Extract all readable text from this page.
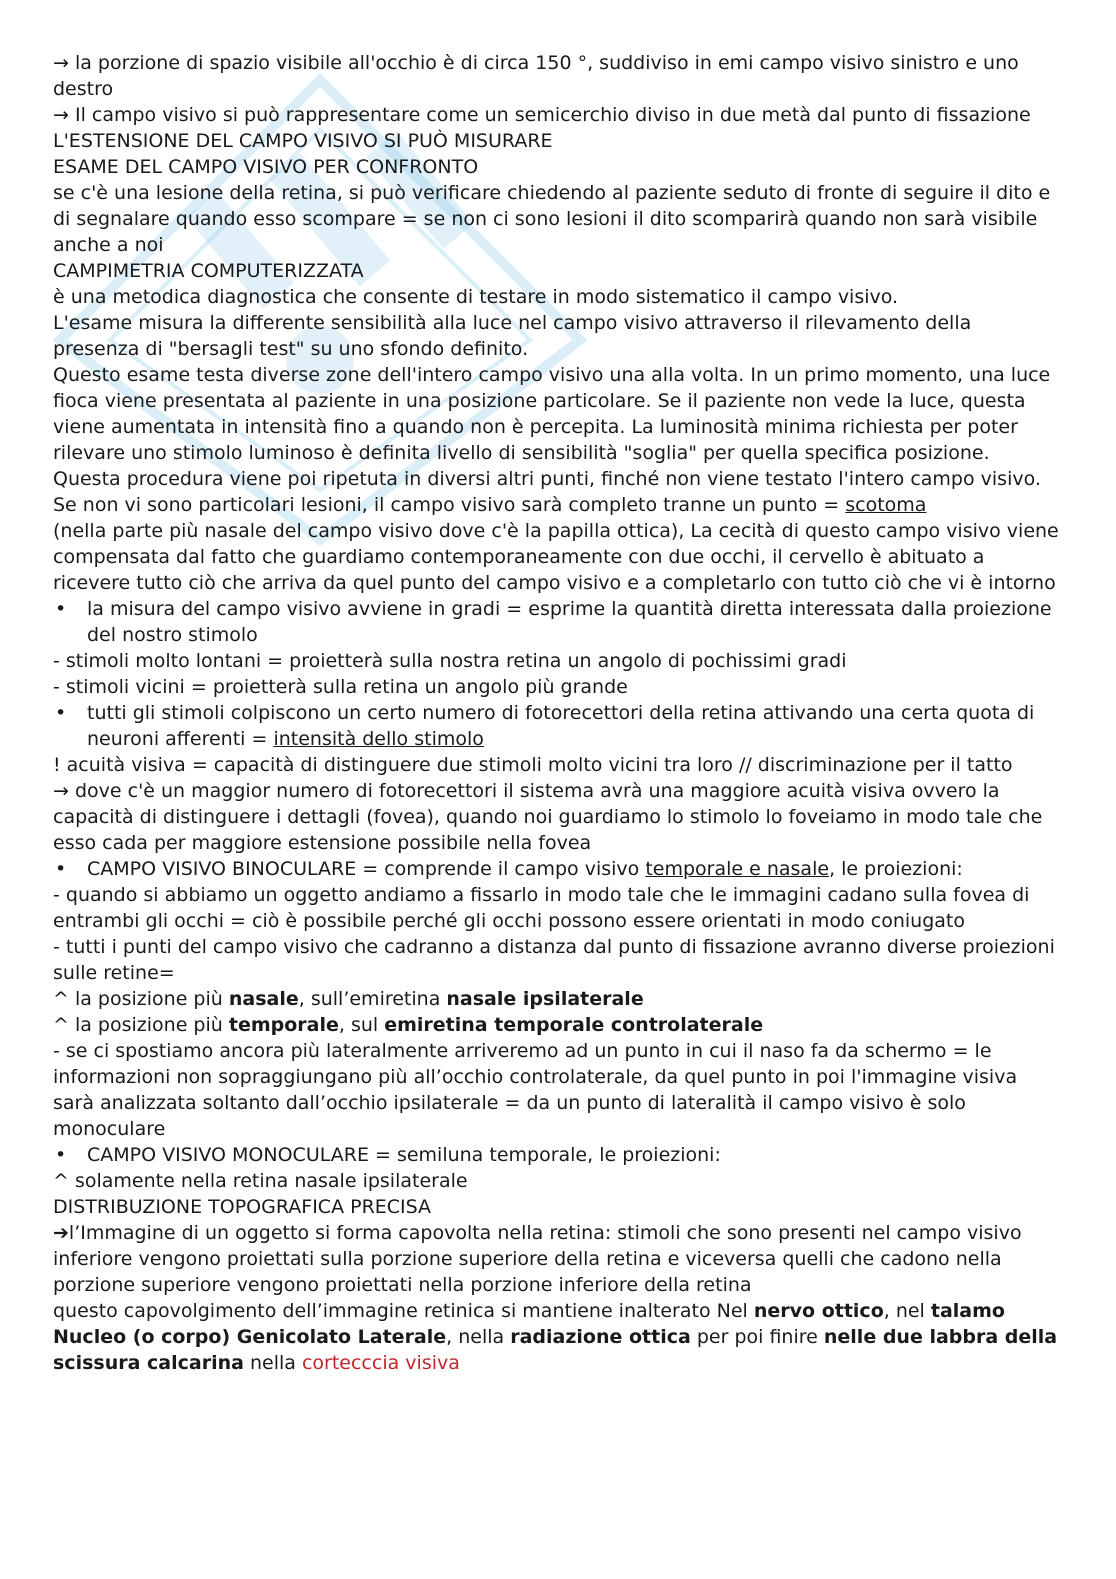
→ la porzione di spazio visibile all'occhio è di circa 150 °, suddiviso in emi campo visivo sinistro e uno destro

→ Il campo visivo si può rappresentare come un semicerchio diviso in due metà dal punto di fissazione

L'ESTENSIONE DEL CAMPO VISIVO SI PUÒ MISURARE

ESAME DEL CAMPO VISIVO PER CONFRONTO

se c'è una lesione della retina, si può verificare chiedendo al paziente seduto di fronte di seguire il dito e di segnalare quando esso scompare = se non ci sono lesioni il dito scomparirà quando non sarà visibile anche a noi

CAMPIMETRIA COMPUTERIZZATA

è una metodica diagnostica che consente di testare in modo sistematico il campo visivo.

L'esame misura la differente sensibilità alla luce nel campo visivo attraverso il rilevamento della presenza di "bersagli test" su uno sfondo definito.

Questo esame testa diverse zone dell'intero campo visivo una alla volta. In un primo momento, una luce fioca viene presentata al paziente in una posizione particolare. Se il paziente non vede la luce, questa viene aumentata in intensità fino a quando non è percepita. La luminosità minima richiesta per poter rilevare uno stimolo luminoso è definita livello di sensibilità "soglia" per quella specifica posizione. Questa procedura viene poi ripetuta in diversi altri punti, finché non viene testato l'intero campo visivo.

Se non vi sono particolari lesioni, il campo visivo sarà completo tranne un punto = scotoma

(nella parte più nasale del campo visivo dove c'è la papilla ottica), La cecità di questo campo visivo viene compensata dal fatto che guardiamo contemporaneamente con due occhi, il cervello è abituato a ricevere tutto ciò che arriva da quel punto del campo visivo e a completarlo con tutto ciò che vi è intorno

•	la misura del campo visivo avviene in gradi = esprime la quantità diretta interessata dalla proiezione del nostro stimolo

- stimoli molto lontani = proietterà sulla nostra retina un angolo di pochissimi gradi

- stimoli vicini = proietterà sulla retina un angolo più grande

•	tutti gli stimoli colpiscono un certo numero di fotorecettori della retina attivando una certa quota di neuroni afferenti = intensità dello stimolo

! acuità visiva = capacità di distinguere due stimoli molto vicini tra loro // discriminazione per il tatto

→ dove c'è un maggior numero di fotorecettori il sistema avrà una maggiore acuità visiva ovvero la capacità di distinguere i dettagli (fovea), quando noi guardiamo lo stimolo lo foveiamo in modo tale che esso cada per maggiore estensione possibile nella fovea

•	CAMPO VISIVO BINOCULARE = comprende il campo visivo temporale e nasale, le proiezioni:

- quando si abbiamo un oggetto andiamo a fissarlo in modo tale che le immagini cadano sulla fovea di entrambi gli occhi = ciò è possibile perché gli occhi possono essere orientati in modo coniugato

- tutti i punti del campo visivo che cadranno a distanza dal punto di fissazione avranno diverse proiezioni sulle retine=

^ la posizione più nasale, sull’emiretina nasale ipsilaterale

^ la posizione più temporale, sul emiretina temporale controlaterale

- se ci spostiamo ancora più lateralmente arriveremo ad un punto in cui il naso fa da schermo = le informazioni non sopraggiungano più all’occhio controlaterale, da quel punto in poi l'immagine visiva sarà analizzata soltanto dall’occhio ipsilaterale = da un punto di lateralità il campo visivo è solo monoculare

•	CAMPO VISIVO MONOCULARE = semiluna temporale, le proiezioni:

^ solamente nella retina nasale ipsilaterale

DISTRIBUZIONE TOPOGRAFICA PRECISA

➔l’Immagine di un oggetto si forma capovolta nella retina: stimoli che sono presenti nel campo visivo inferiore vengono proiettati sulla porzione superiore della retina e viceversa quelli che cadono nella porzione superiore vengono proiettati nella porzione inferiore della retina

questo capovolgimento dell’immagine retinica si mantiene inalterato Nel nervo ottico, nel talamo Nucleo (o corpo) Genicolato Laterale, nella radiazione ottica per poi finire nelle due labbra della scissura calcarina nella cortecccia visiva
